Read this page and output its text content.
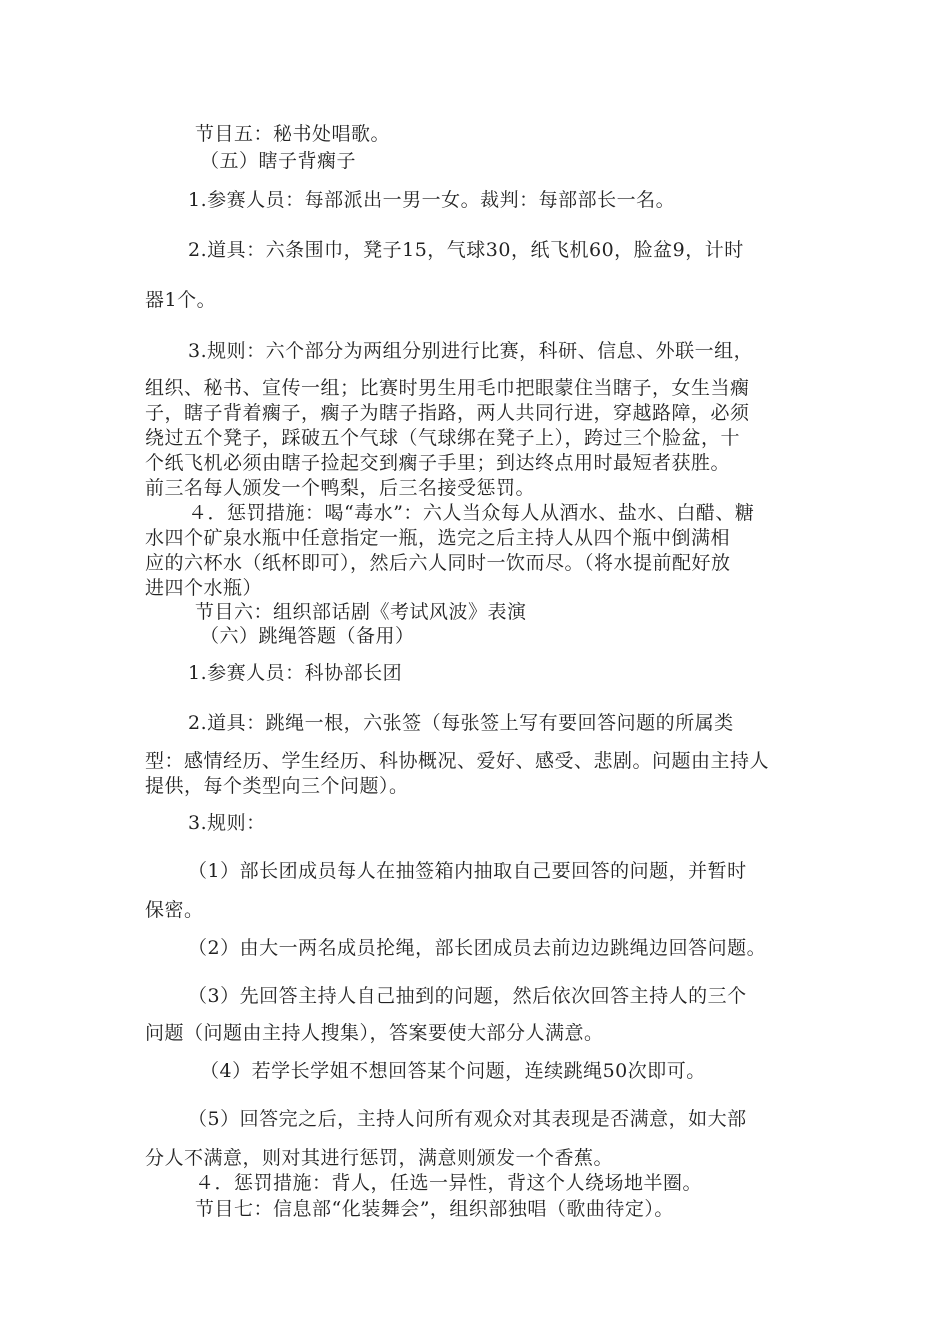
节目五：秘书处唱歌。

（五）瞎子背瘸子

1.参赛人员：每部派出一男一女。裁判：每部部长一名。

2.道具：六条围巾，凳子15，气球30，纸飞机60，脸盆9，计时

器1个。

3.规则：六个部分为两组分别进行比赛，科研、信息、外联一组，

组织、秘书、宣传一组；比赛时男生用毛巾把眼蒙住当瞎子，女生当瘸

子，瞎子背着瘸子，瘸子为瞎子指路，两人共同行进，穿越路障，必须

绕过五个凳子，踩破五个气球（气球绑在凳子上），跨过三个脸盆，十

个纸飞机必须由瞎子捡起交到瘸子手里；到达终点用时最短者获胜。

前三名每人颁发一个鸭梨，后三名接受惩罚。

４．惩罚措施：喝“毒水”：六人当众每人从酒水、盐水、白醋、糖

水四个矿泉水瓶中任意指定一瓶，选完之后主持人从四个瓶中倒满相

应的六杯水（纸杯即可），然后六人同时一饮而尽。（将水提前配好放

进四个水瓶）

节目六：组织部话剧《考试风波》表演

（六）跳绳答题（备用）

1.参赛人员：科协部长团

2.道具：跳绳一根，六张签（每张签上写有要回答问题的所属类

型：感情经历、学生经历、科协概况、爱好、感受、悲剧。问题由主持人

提供，每个类型向三个问题）。

3.规则：

（1）部长团成员每人在抽签箱内抽取自己要回答的问题，并暂时

保密。

（2）由大一两名成员抡绳，部长团成员去前边边跳绳边回答问题。

（3）先回答主持人自己抽到的问题，然后依次回答主持人的三个

问题（问题由主持人搜集），答案要使大部分人满意。

（4）若学长学姐不想回答某个问题，连续跳绳50次即可。

（5）回答完之后，主持人问所有观众对其表现是否满意，如大部

分人不满意，则对其进行惩罚，满意则颁发一个香蕉。

４．惩罚措施：背人，任选一异性，背这个人绕场地半圈。

节目七：信息部“化装舞会”，组织部独唱（歌曲待定）。
